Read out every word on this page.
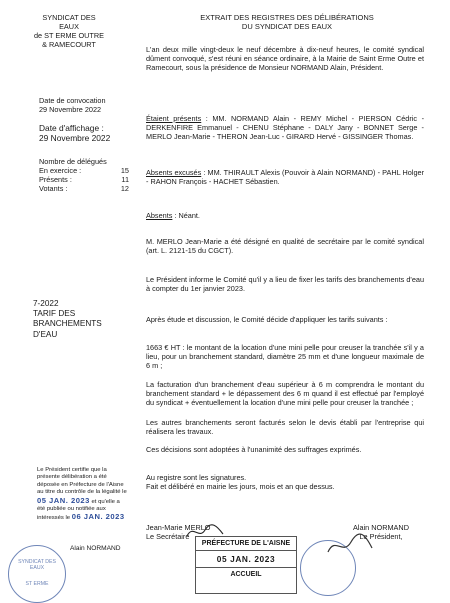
SYNDICAT DES
EAUX
de ST ERME OUTRE
& RAMECOURT
Date de convocation
29 Novembre 2022
Date d'affichage :
29 Novembre 2022
Nombre de délégués
En exercice :	15
Présents :	11
Votants :	12
7-2022
TARIF DES
BRANCHEMENTS
D'EAU
Le Président certifie que la présente délibération a été déposée en Préfecture de l'Aisne au titre du contrôle de la légalité le 05 JAN. 2023 et qu'elle a été publiée ou notifiée aux intéressés le 06 JAN. 2023
Alain NORMAND
SYNDICAT DES EAUX
ST ERME
EXTRAIT DES REGISTRES DES DÉLIBÉRATIONS
DU SYNDICAT DES EAUX

L'an deux mille vingt-deux le neuf décembre à dix-neuf heures, le comité syndical dûment convoqué, s'est réuni en séance ordinaire, à la Mairie de Saint Erme Outre et Ramecourt, sous la présidence de Monsieur NORMAND Alain, Président.

Étaient présents : MM. NORMAND Alain - REMY Michel - PIERSON Cédric - DERKENFIRE Emmanuel - CHENU Stéphane - DALY Jany - BONNET Serge - MERLO Jean-Marie - THERON Jean-Luc - GIRARD Hervé - GISSINGER Thomas.

Absents excusés : MM. THIRAULT Alexis (Pouvoir à Alain NORMAND) - PAHL Holger - RAHON François - HACHET Sébastien.

Absents : Néant.

M. MERLO Jean-Marie a été désigné en qualité de secrétaire par le comité syndical (art. L. 2121-15 du CGCT).

Le Président informe le Comité qu'il y a lieu de fixer les tarifs des branchements d'eau à compter du 1er janvier 2023.

Après étude et discussion, le Comité décide d'appliquer les tarifs suivants :

1663 € HT : le montant de la location d'une mini pelle pour creuser la tranchée s'il y a lieu, pour un branchement standard, diamètre 25 mm et d'une longueur maximale de 6 m ;

La facturation d'un branchement d'eau supérieur à 6 m comprendra le montant du branchement standard + le dépassement des 6 m quand il est effectué par l'employé du syndicat + éventuellement la location d'une mini pelle pour creuser la tranchée ;

Les autres branchements seront facturés selon le devis établi par l'entreprise qui réalisera les travaux.

Ces décisions sont adoptées à l'unanimité des suffrages exprimés.

Au registre sont les signatures.
Fait et délibéré en mairie les jours, mois et an que dessus.
Jean-Marie MERLO
Le Secrétaire
Alain NORMAND
Le Président,
PRÉFECTURE DE L'AISNE
05 JAN. 2023
ACCUEIL
